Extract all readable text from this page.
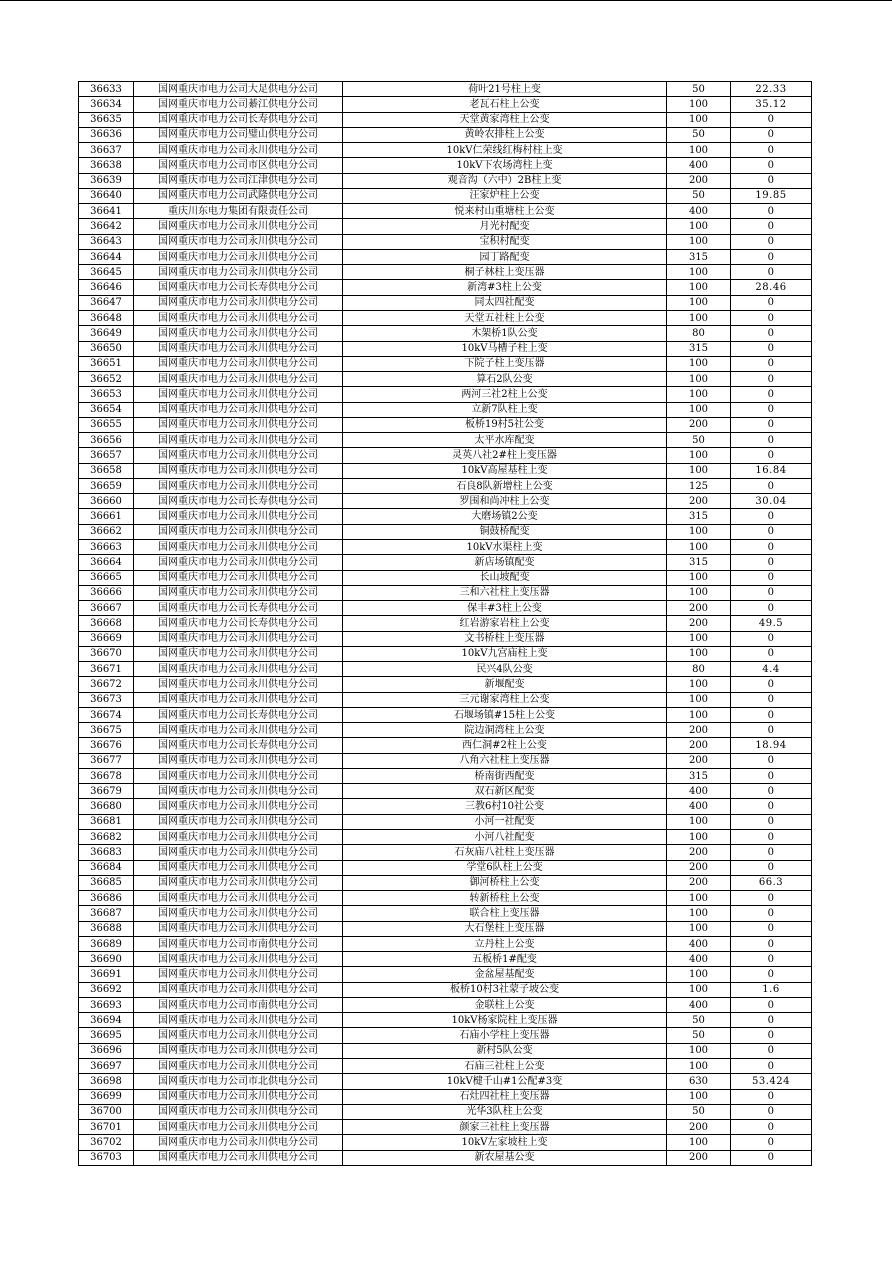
36633	国网重庆市电力公司大足供电分公司	荷叶21号柱上变	50	22.33
36634	国网重庆市电力公司綦江供电分公司	老瓦石柱上公变	100	35.12
36635	国网重庆市电力公司长寿供电分公司	天堂黄家湾柱上公变	100	0
36636	国网重庆市电力公司璧山供电分公司	黄岭农排柱上公变	50	0
36637	国网重庆市电力公司永川供电分公司	10kV仁荣线红梅村柱上变	100	0
36638	国网重庆市电力公司市区供电分公司	10kV下农场湾柱上变	400	0
36639	国网重庆市电力公司江津供电分公司	观音沟（六中）2B柱上变	200	0
36640	国网重庆市电力公司武隆供电分公司	汪家炉柱上公变	50	19.85
36641	重庆川东电力集团有限责任公司	悦来村山重塘柱上公变	400	0
36642	国网重庆市电力公司永川供电分公司	月光村配变	100	0
36643	国网重庆市电力公司永川供电分公司	宝积村配变	100	0
36644	国网重庆市电力公司永川供电分公司	园丁路配变	315	0
36645	国网重庆市电力公司永川供电分公司	桐子林柱上变压器	100	0
36646	国网重庆市电力公司长寿供电分公司	新湾#3柱上公变	100	28.46
36647	国网重庆市电力公司永川供电分公司	同太四社配变	100	0
36648	国网重庆市电力公司永川供电分公司	天堂五社柱上公变	100	0
36649	国网重庆市电力公司永川供电分公司	木架桥1队公变	80	0
36650	国网重庆市电力公司永川供电分公司	10kV马槽子柱上变	315	0
36651	国网重庆市电力公司永川供电分公司	下院子柱上变压器	100	0
36652	国网重庆市电力公司永川供电分公司	算石2队公变	100	0
36653	国网重庆市电力公司永川供电分公司	两河三社2柱上公变	100	0
36654	国网重庆市电力公司永川供电分公司	立新7队柱上变	100	0
36655	国网重庆市电力公司永川供电分公司	板桥19村5社公变	200	0
36656	国网重庆市电力公司永川供电分公司	太平水库配变	50	0
36657	国网重庆市电力公司永川供电分公司	灵英八社2#柱上变压器	100	0
36658	国网重庆市电力公司永川供电分公司	10kV高屋基柱上变	100	16.84
36659	国网重庆市电力公司永川供电分公司	石良8队新增柱上公变	125	0
36660	国网重庆市电力公司长寿供电分公司	罗围和尚冲柱上公变	200	30.04
36661	国网重庆市电力公司永川供电分公司	大磨场镇2公变	315	0
36662	国网重庆市电力公司永川供电分公司	铜鼓桥配变	100	0
36663	国网重庆市电力公司永川供电分公司	10kV水渠柱上变	100	0
36664	国网重庆市电力公司永川供电分公司	新店场镇配变	315	0
36665	国网重庆市电力公司永川供电分公司	长山坡配变	100	0
36666	国网重庆市电力公司永川供电分公司	三和六社柱上变压器	100	0
36667	国网重庆市电力公司长寿供电分公司	保丰#3柱上公变	200	0
36668	国网重庆市电力公司长寿供电分公司	红岩游家岩柱上公变	200	49.5
36669	国网重庆市电力公司永川供电分公司	文书桥柱上变压器	100	0
36670	国网重庆市电力公司永川供电分公司	10kV九宫庙柱上变	100	0
36671	国网重庆市电力公司永川供电分公司	民兴4队公变	80	4.4
36672	国网重庆市电力公司永川供电分公司	新堰配变	100	0
36673	国网重庆市电力公司永川供电分公司	三元谢家湾柱上公变	100	0
36674	国网重庆市电力公司长寿供电分公司	石堰场镇#15柱上公变	100	0
36675	国网重庆市电力公司永川供电分公司	院边洞湾柱上公变	200	0
36676	国网重庆市电力公司长寿供电分公司	西仁洞#2柱上公变	200	18.94
36677	国网重庆市电力公司永川供电分公司	八角六社柱上变压器	200	0
36678	国网重庆市电力公司永川供电分公司	桥南街西配变	315	0
36679	国网重庆市电力公司永川供电分公司	双石新区配变	400	0
36680	国网重庆市电力公司永川供电分公司	三教6村10社公变	400	0
36681	国网重庆市电力公司永川供电分公司	小河一社配变	100	0
36682	国网重庆市电力公司永川供电分公司	小河八社配变	100	0
36683	国网重庆市电力公司永川供电分公司	石灰庙八社柱上变压器	200	0
36684	国网重庆市电力公司永川供电分公司	学堂6队柱上公变	200	0
36685	国网重庆市电力公司永川供电分公司	御河桥柱上公变	200	66.3
36686	国网重庆市电力公司永川供电分公司	转新桥柱上公变	100	0
36687	国网重庆市电力公司永川供电分公司	联合柱上变压器	100	0
36688	国网重庆市电力公司永川供电分公司	大石堡柱上变压器	100	0
36689	国网重庆市电力公司市南供电分公司	立丹柱上公变	400	0
36690	国网重庆市电力公司永川供电分公司	五板桥1#配变	400	0
36691	国网重庆市电力公司永川供电分公司	金盆屋基配变	100	0
36692	国网重庆市电力公司永川供电分公司	板桥10村3社蒙子坡公变	100	1.6
36693	国网重庆市电力公司市南供电分公司	金联柱上公变	400	0
36694	国网重庆市电力公司永川供电分公司	10kV杨家院柱上变压器	50	0
36695	国网重庆市电力公司永川供电分公司	石庙小学柱上变压器	50	0
36696	国网重庆市电力公司永川供电分公司	新村5队公变	100	0
36697	国网重庆市电力公司永川供电分公司	石庙三社柱上公变	100	0
36698	国网重庆市电力公司市北供电分公司	10kV楗千山#1公配#3变	630	53.424
36699	国网重庆市电力公司永川供电分公司	石灶四社柱上变压器	100	0
36700	国网重庆市电力公司永川供电分公司	光华3队柱上公变	50	0
36701	国网重庆市电力公司永川供电分公司	颜家三社柱上变压器	200	0
36702	国网重庆市电力公司永川供电分公司	10kV左家坡柱上变	100	0
36703	国网重庆市电力公司永川供电分公司	新农屋基公变	200	0
